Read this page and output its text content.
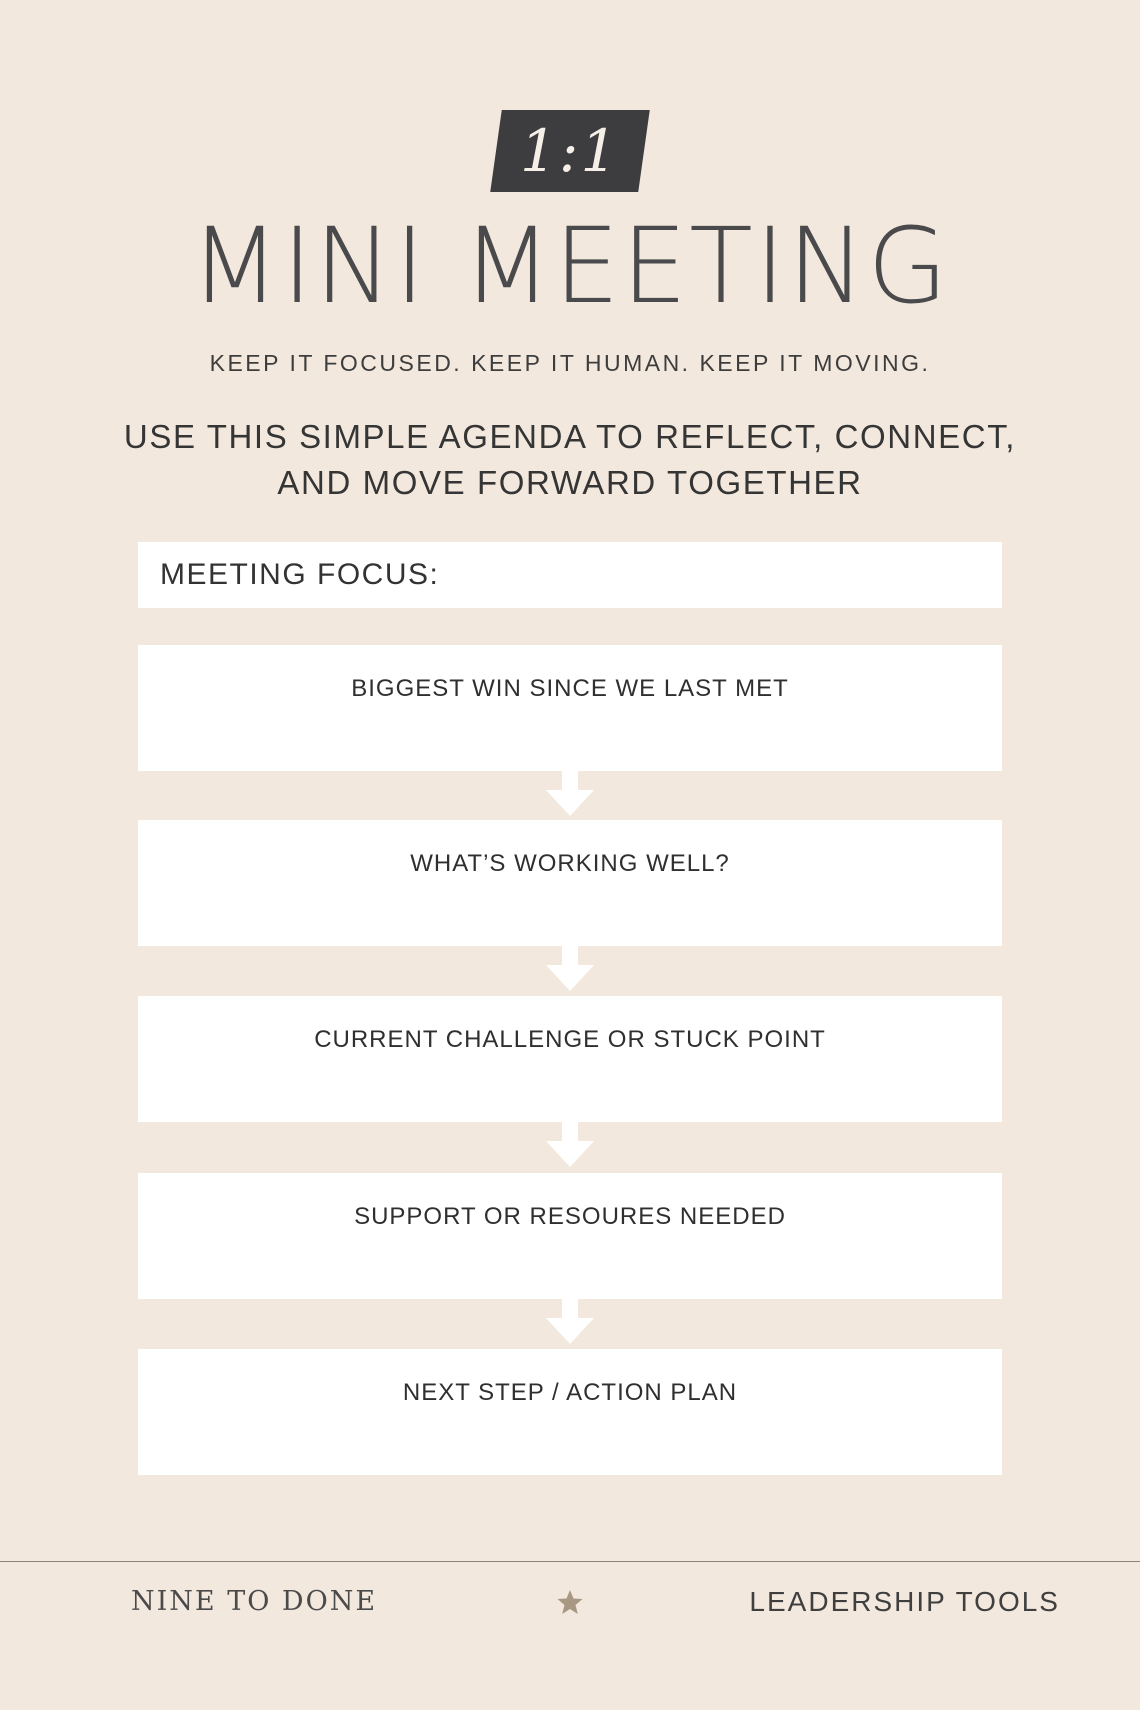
1:1
MINI MEETING
KEEP IT FOCUSED. KEEP IT HUMAN. KEEP IT MOVING.
USE THIS SIMPLE AGENDA TO REFLECT, CONNECT,
AND MOVE FORWARD TOGETHER
MEETING FOCUS:
BIGGEST WIN SINCE WE LAST MET
WHAT’S WORKING WELL?
CURRENT CHALLENGE OR STUCK POINT
SUPPORT OR RESOURES NEEDED
NEXT STEP / ACTION PLAN
NINE TO DONE	LEADERSHIP TOOLS
